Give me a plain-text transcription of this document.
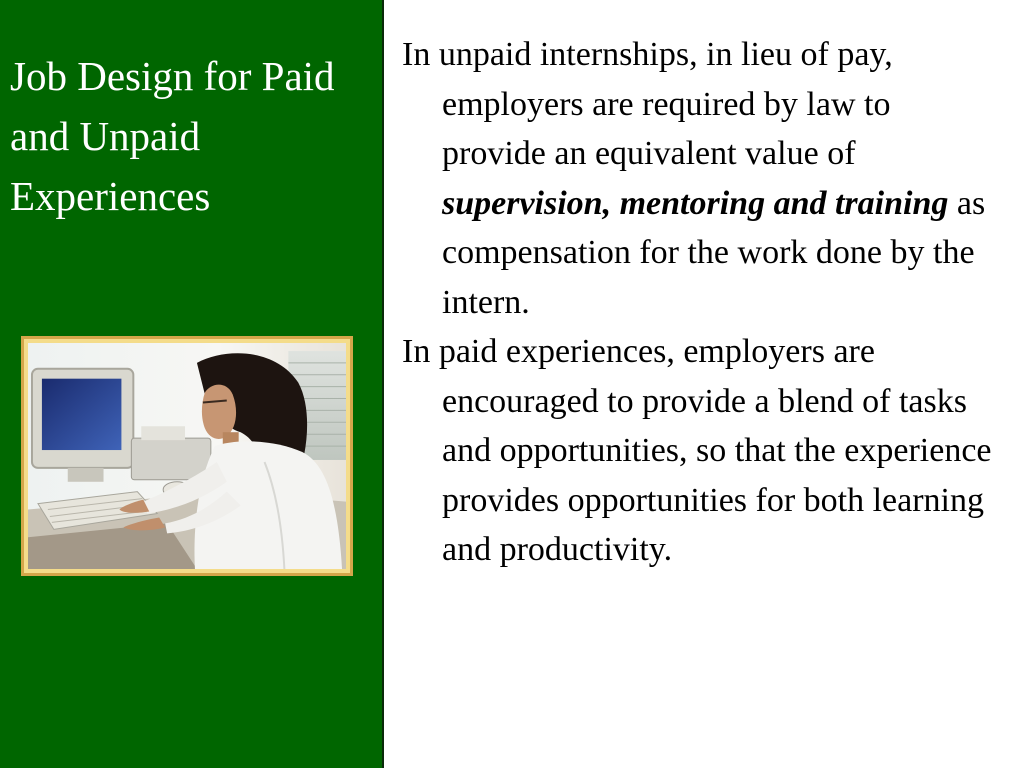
Job Design for Paid and Unpaid Experiences

In unpaid internships, in lieu of pay, employers are required by law to provide an equivalent value of supervision, mentoring and training as compensation for the work done by the intern.

In paid experiences, employers are encouraged to provide a blend of tasks and opportunities, so that the experience provides opportunities for both learning and productivity.
